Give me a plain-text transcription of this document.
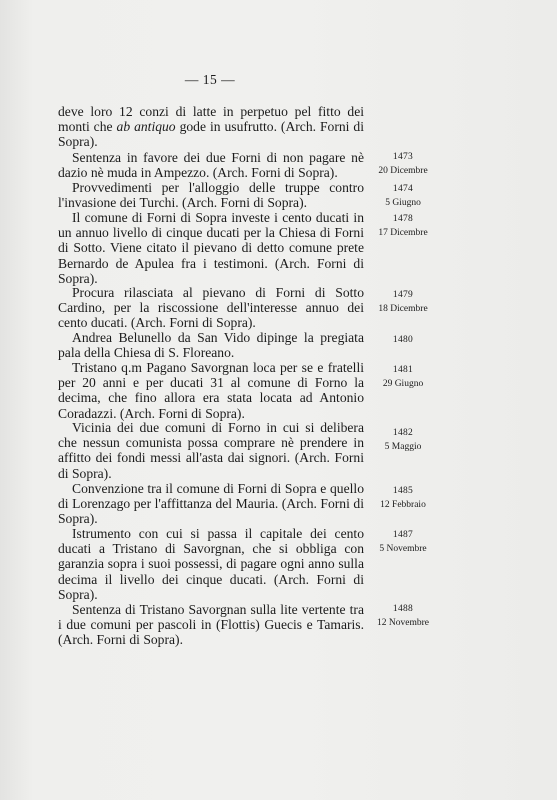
— 15 —
deve loro 12 conzi di latte in perpetuo pel fitto dei monti che ab antiquo gode in usufrutto. (Arch. Forni di Sopra).
Sentenza in favore dei due Forni di non pagare nè dazio nè muda in Ampezzo. (Arch. Forni di Sopra).
1473
20 Dicembre
Provvedimenti per l'alloggio delle truppe contro l'invasione dei Turchi. (Arch. Forni di Sopra).
1474
5 Giugno
Il comune di Forni di Sopra investe i cento ducati in un annuo livello di cinque ducati per la Chiesa di Forni di Sotto. Viene citato il pievano di detto comune prete Bernardo de Apulea fra i testimoni. (Arch. Forni di Sopra).
1478
17 Dicembre
Procura rilasciata al pievano di Forni di Sotto Cardino, per la riscossione dell'interesse annuo dei cento ducati. (Arch. Forni di Sopra).
1479
18 Dicembre
Andrea Belunello da San Vido dipinge la pregiata pala della Chiesa di S. Floreano.
1480
Tristano q.m Pagano Savorgnan loca per se e fratelli per 20 anni e per ducati 31 al comune di Forno la decima, che fino allora era stata locata ad Antonio Coradazzi. (Arch. Forni di Sopra).
1481
29 Giugno
Vicinia dei due comuni di Forno in cui si delibera che nessun comunista possa comprare nè prendere in affitto dei fondi messi all'asta dai signori. (Arch. Forni di Sopra).
1482
5 Maggio
Convenzione tra il comune di Forni di Sopra e quello di Lorenzago per l'affittanza del Mauria. (Arch. Forni di Sopra).
1485
12 Febbraio
Istrumento con cui si passa il capitale dei cento ducati a Tristano di Savorgnan, che si obbliga con garanzia sopra i suoi possessi, di pagare ogni anno sulla decima il livello dei cinque ducati. (Arch. Forni di Sopra).
1487
5 Novembre
Sentenza di Tristano Savorgnan sulla lite vertente tra i due comuni per pascoli in (Flottis) Guecis e Tamaris. (Arch. Forni di Sopra).
1488
12 Novembre
